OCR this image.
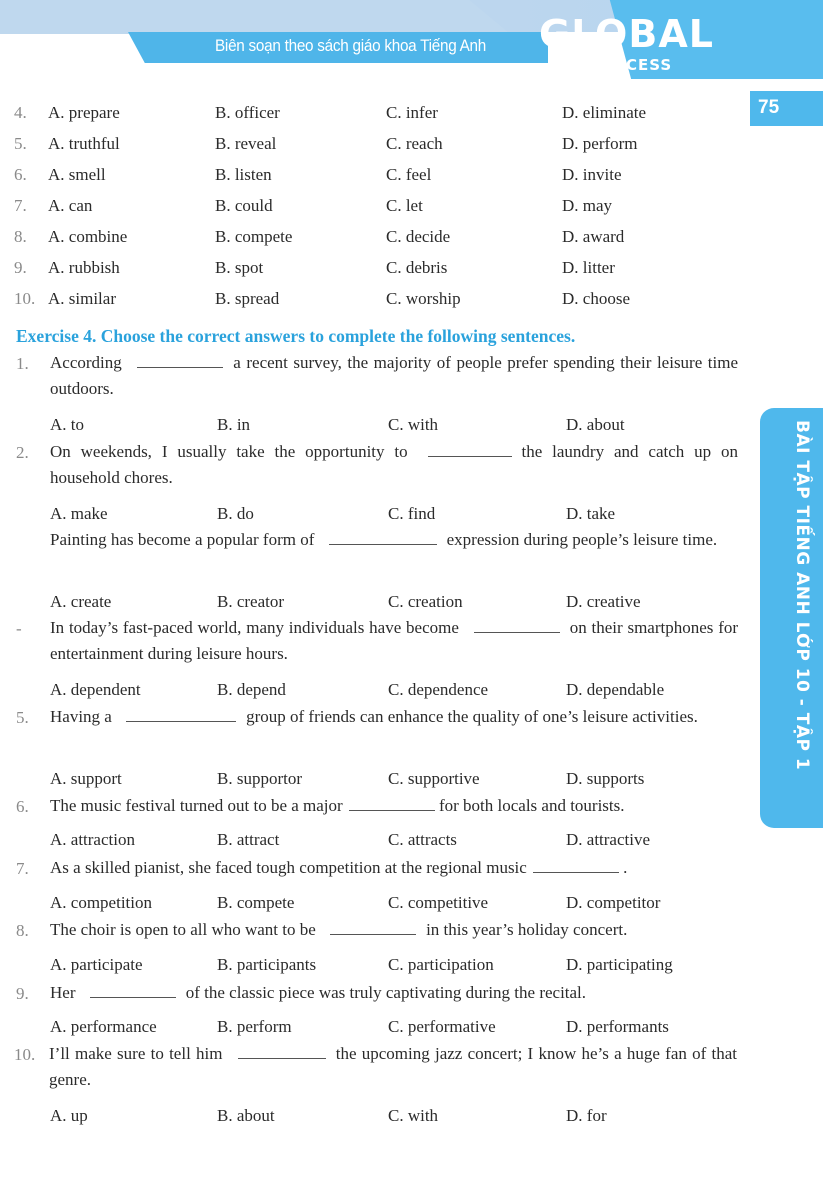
Biên soạn theo sách giáo khoa Tiếng Anh GLOBAL
SUCCESS
75
BÀI TẬP TIẾNG ANH LỚP 10 - TẬP 1
4. A. prepare	B. officer	C. infer	D. eliminate
5. A. truthful	B. reveal	C. reach	D. perform
6. A. smell	B. listen	C. feel	D. invite
7. A. can	B. could	C. let	D. may
8. A. combine	B. compete	C. decide	D. award
9. A. rubbish	B. spot	C. debris	D. litter
10. A. similar	B. spread	C. worship	D. choose
Exercise 4. Choose the correct answers to complete the following sentences.
1. According	a recent survey, the majority of people prefer spending their leisure time outdoors.
A. to	B. in	C. with	D. about
2. On weekends, I usually take the opportunity to	the laundry and catch up on household chores.
A. make	B. do	C. find	D. take
Painting has become a popular form of	expression during people’s leisure time.
A. create	B. creator	C. creation	D. creative
- In today’s fast-paced world, many individuals have become	on their smartphones for entertainment during leisure hours.
A. dependent	B. depend	C. dependence	D. dependable
5. Having a	group of friends can enhance the quality of one’s leisure activities.
A. support	B. supportor	C. supportive	D. supports
6. The music festival turned out to be a major	for both locals and tourists.
A. attraction	B. attract	C. attracts	D. attractive
7. As a skilled pianist, she faced tough competition at the regional music	.
A. competition	B. compete	C. competitive	D. competitor
8. The choir is open to all who want to be	in this year’s holiday concert.
A. participate	B. participants	C. participation	D. participating
9. Her	of the classic piece was truly captivating during the recital.
A. performance	B. perform	C. performative	D. performants
10. I’ll make sure to tell him	the upcoming jazz concert; I know he’s a huge fan of that genre.
A. up	B. about	C. with	D. for
